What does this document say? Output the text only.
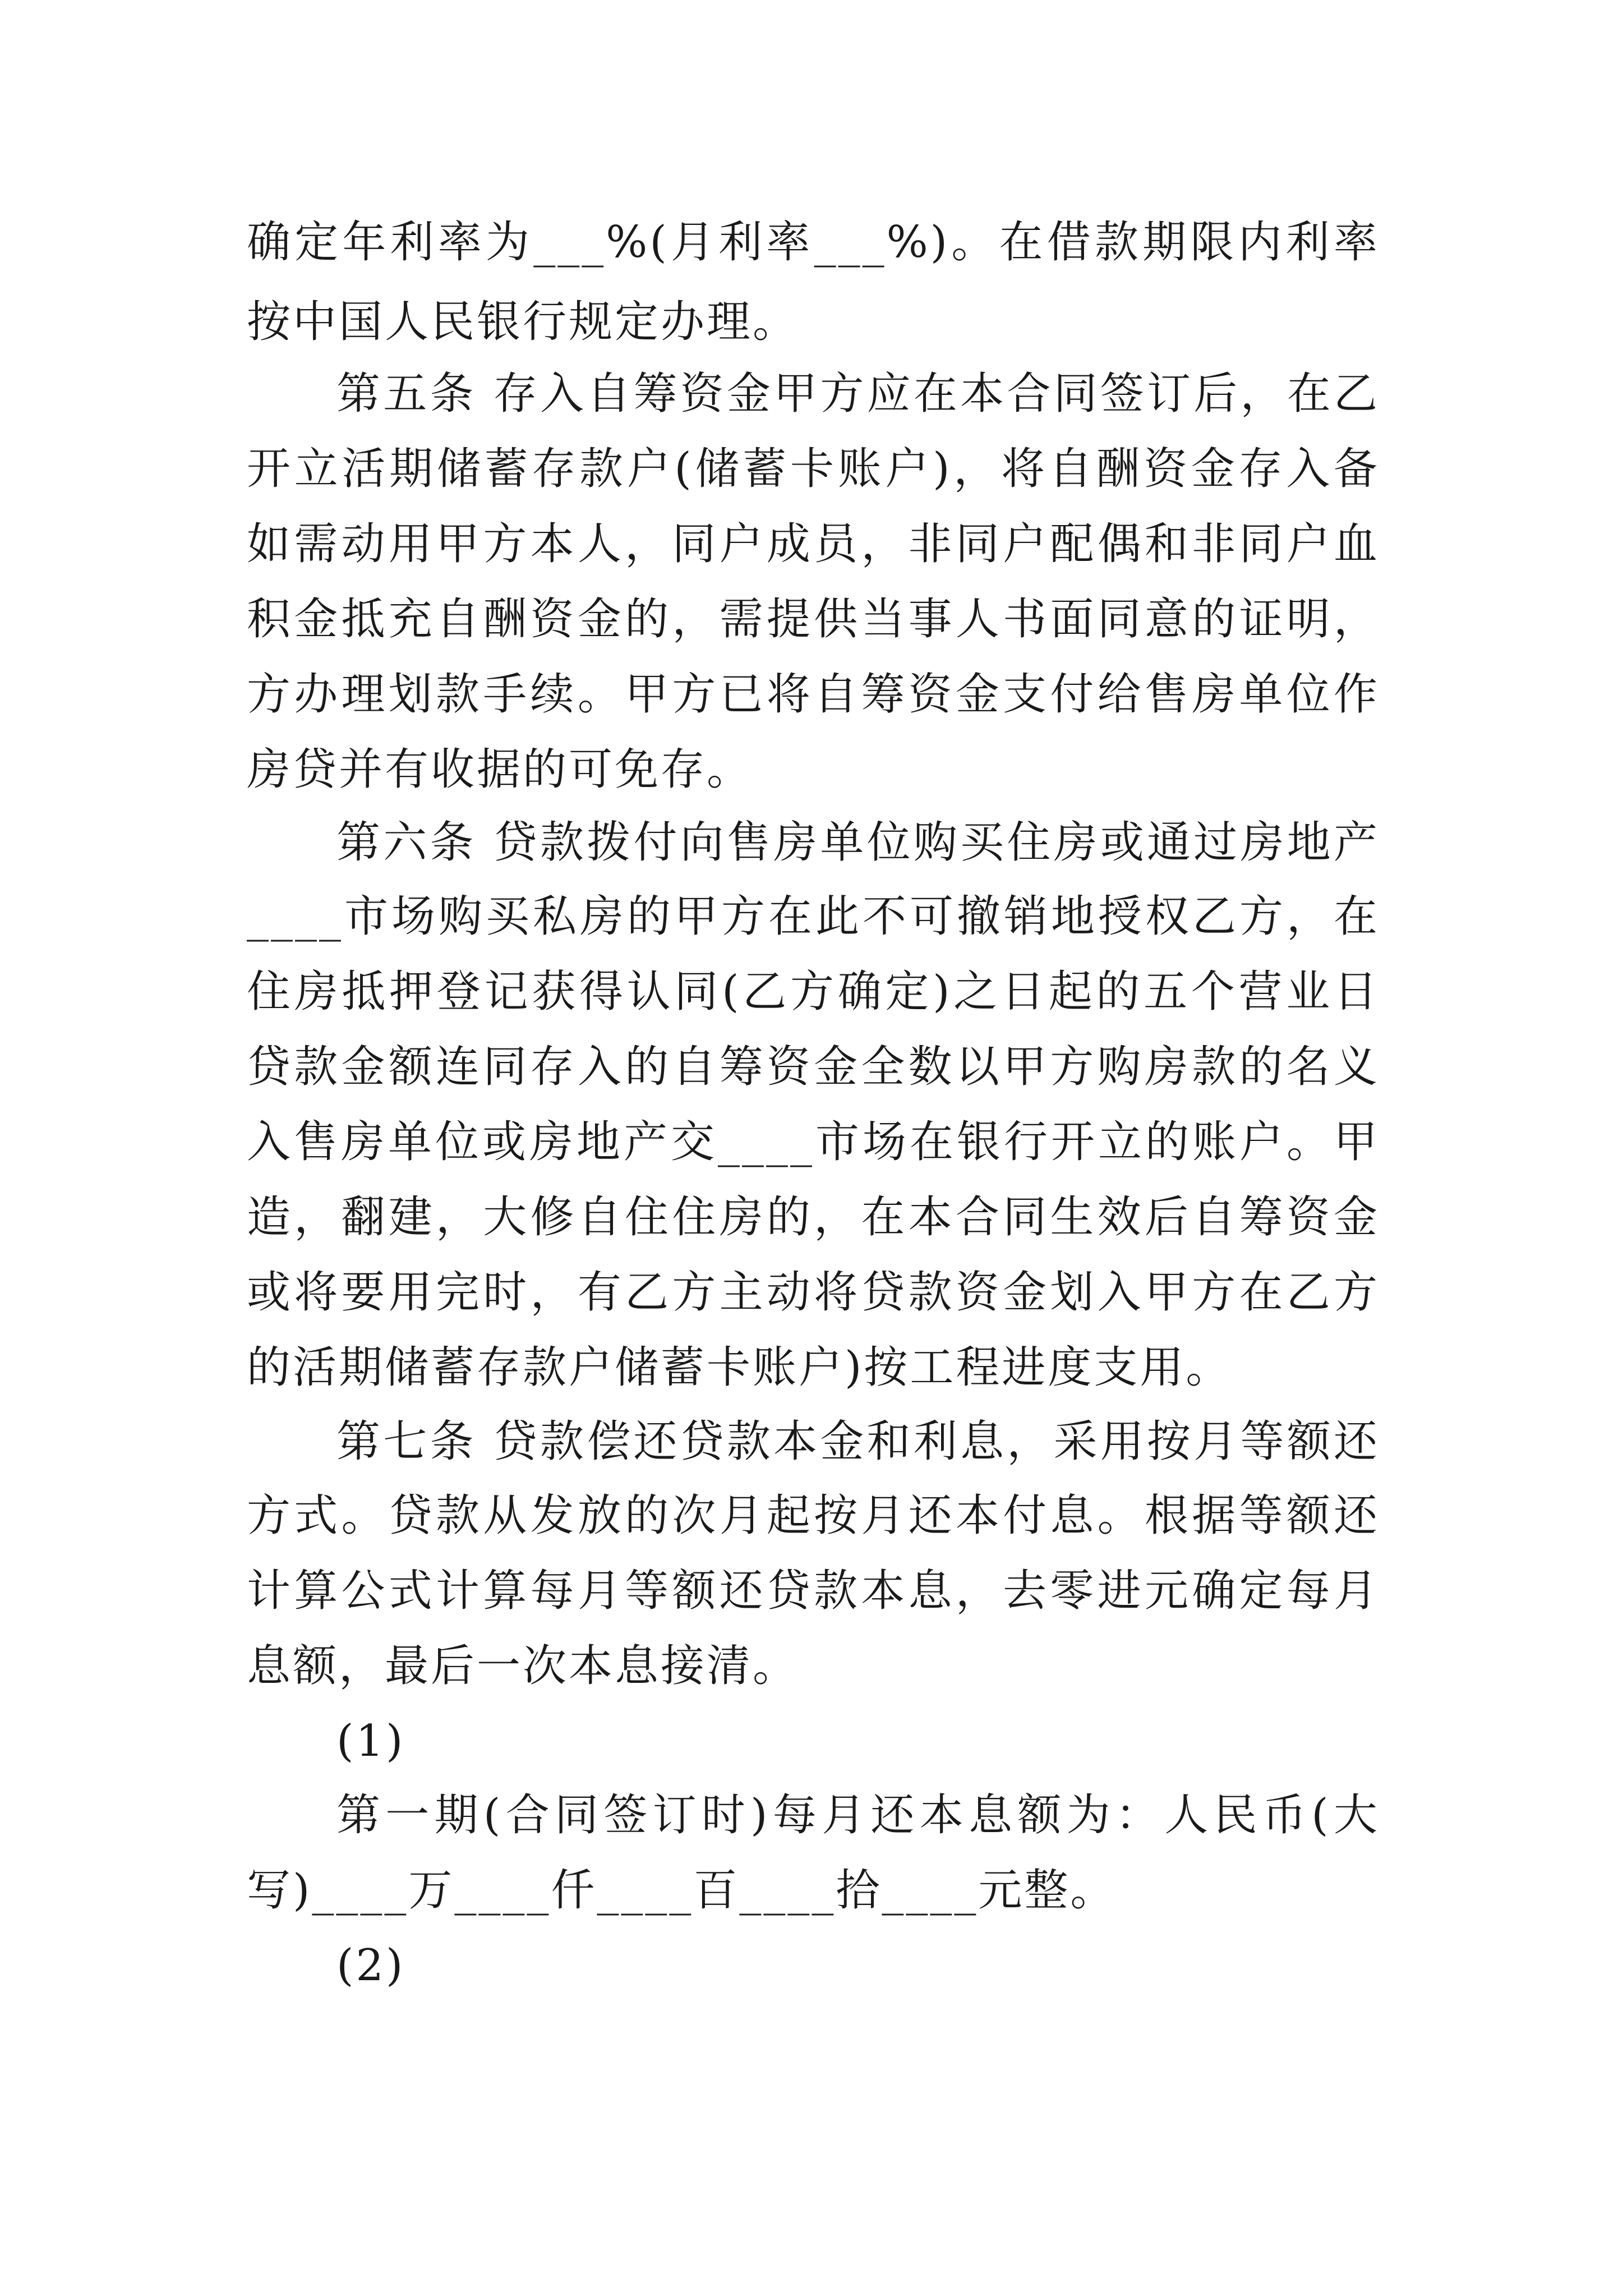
确定年利率为___%(月利率___%)。在借款期限内利率
按中国人民银行规定办理。
第五条 存入自筹资金甲方应在本合同签订后，在乙
开立活期储蓄存款户(储蓄卡账户)，将自酬资金存入备
如需动用甲方本人，同户成员，非同户配偶和非同户血
积金抵充自酬资金的，需提供当事人书面同意的证明，
方办理划款手续。甲方已将自筹资金支付给售房单位作
房贷并有收据的可免存。
第六条 贷款拨付向售房单位购买住房或通过房地产
____市场购买私房的甲方在此不可撤销地授权乙方，在
住房抵押登记获得认同(乙方确定)之日起的五个营业日
贷款金额连同存入的自筹资金全数以甲方购房款的名义
入售房单位或房地产交____市场在银行开立的账户。甲
造，翻建，大修自住住房的，在本合同生效后自筹资金
或将要用完时，有乙方主动将贷款资金划入甲方在乙方
的活期储蓄存款户储蓄卡账户)按工程进度支用。
第七条 贷款偿还贷款本金和利息，采用按月等额还
方式。贷款从发放的次月起按月还本付息。根据等额还
计算公式计算每月等额还贷款本息，去零进元确定每月
息额，最后一次本息接清。
(1)
第一期(合同签订时)每月还本息额为：人民币(大
写)____万____仟____百____拾____元整。
(2)
